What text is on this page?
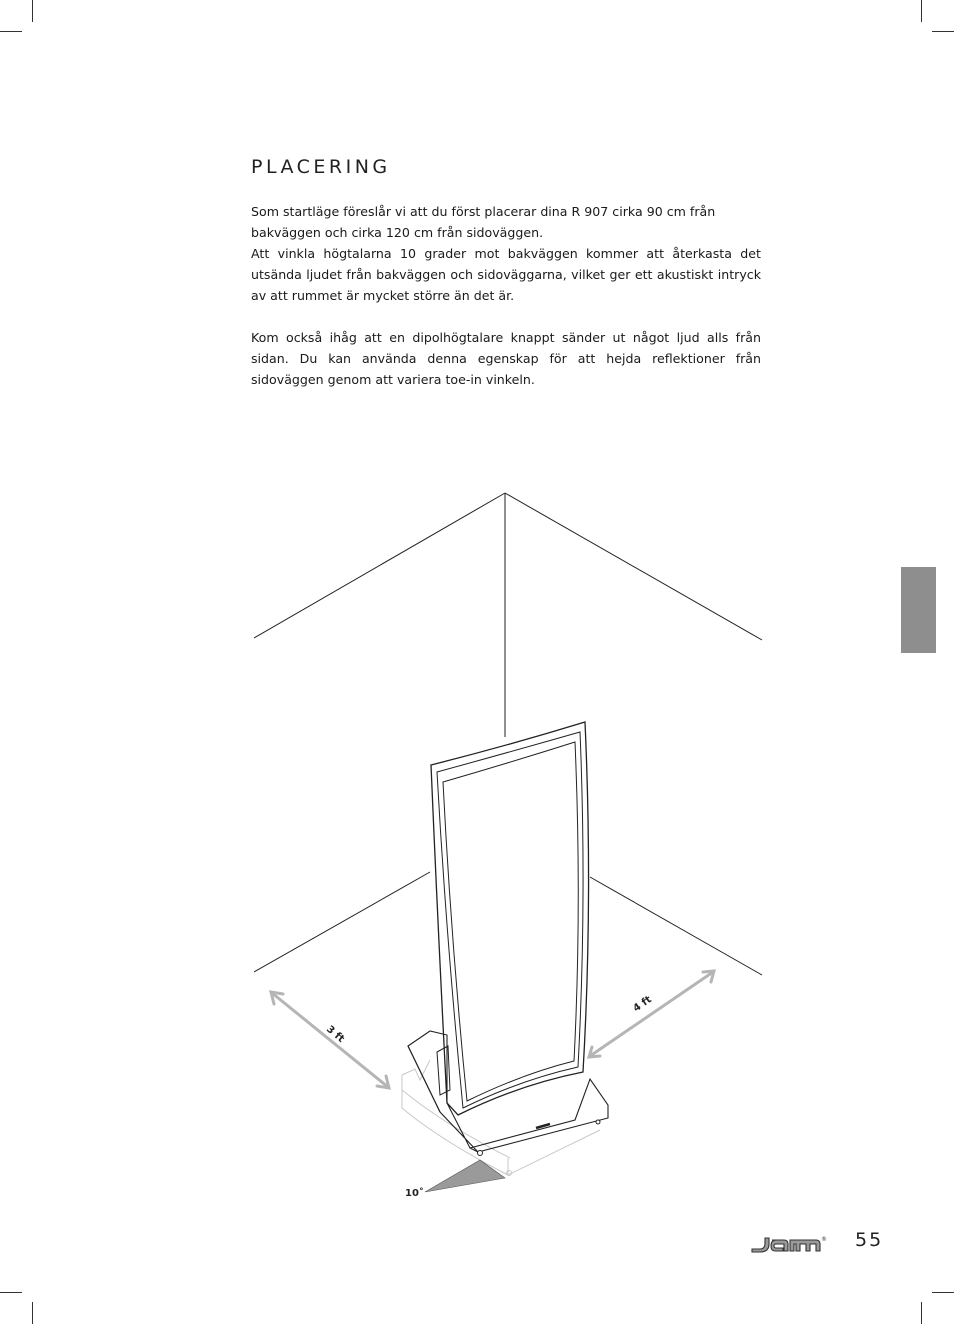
PLACERING

Som startläge föreslår vi att du först placerar dina R 907 cirka 90 cm från bakväggen och cirka 120 cm från sidoväggen.

Att vinkla högtalarna 10 grader mot bakväggen kommer att återkasta det utsända ljudet från bakväggen och sidoväggarna, vilket ger ett akustiskt intryck av att rummet är mycket större än det är.

Kom också ihåg att en dipolhögtalare knappt sänder ut något ljud alls från sidan. Du kan använda denna egenskap för att hejda reflektioner från sidoväggen genom att variera toe-in vinkeln.

3 ft
4 ft
10˚
jamo
® 55
